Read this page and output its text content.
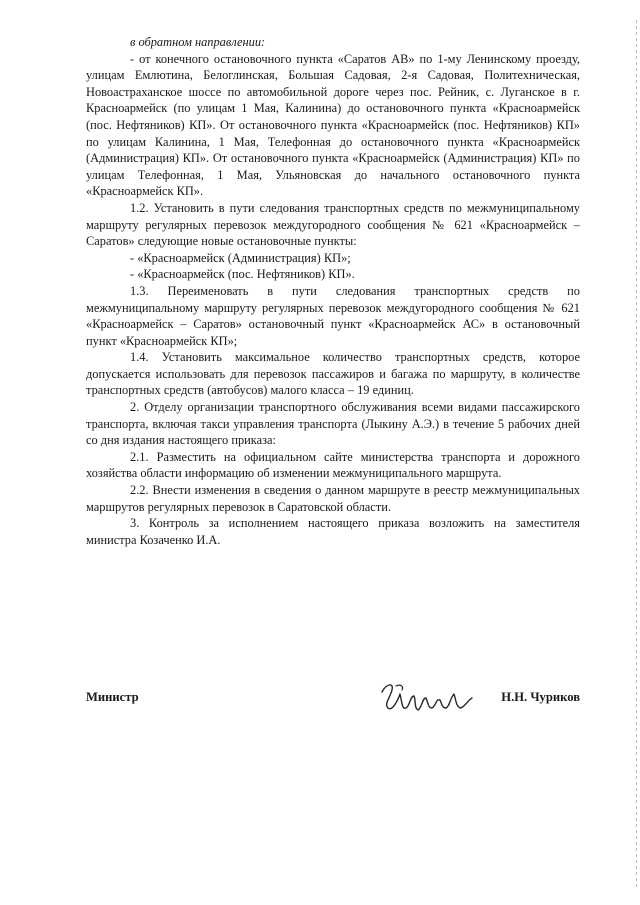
в обратном направлении:

- от конечного остановочного пункта «Саратов АВ» по 1-му Ленинскому проезду, улицам Емлютина, Белоглинская, Большая Садовая, 2-я Садовая, Политехническая, Новоастраханское шоссе по автомобильной дороге через пос. Рейник, с. Луганское в г. Красноармейск (по улицам 1 Мая, Калинина) до остановочного пункта «Красноармейск (пос. Нефтяников) КП». От остановочного пункта «Красноармейск (пос. Нефтяников) КП» по улицам Калинина, 1 Мая, Телефонная до остановочного пункта «Красноармейск (Администрация) КП». От остановочного пункта «Красноармейск (Администрация) КП» по улицам Телефонная, 1 Мая, Ульяновская до начального остановочного пункта «Красноармейск КП».

1.2. Установить в пути следования транспортных средств по межмуниципальному маршруту регулярных перевозок междугородного сообщения № 621 «Красноармейск – Саратов» следующие новые остановочные пункты:

- «Красноармейск (Администрация) КП»;

- «Красноармейск (пос. Нефтяников) КП».

1.3. Переименовать в пути следования транспортных средств по межмуниципальному маршруту регулярных перевозок междугородного сообщения № 621 «Красноармейск – Саратов» остановочный пункт «Красноармейск АС» в остановочный пункт «Красноармейск КП»;

1.4. Установить максимальное количество транспортных средств, которое допускается использовать для перевозок пассажиров и багажа по маршруту, в количестве транспортных средств (автобусов) малого класса – 19 единиц.

2. Отделу организации транспортного обслуживания всеми видами пассажирского транспорта, включая такси управления транспорта (Лыкину А.Э.) в течение 5 рабочих дней со дня издания настоящего приказа:

2.1. Разместить на официальном сайте министерства транспорта и дорожного хозяйства области информацию об изменении межмуниципального маршрута.

2.2. Внести изменения в сведения о данном маршруте в реестр межмуниципальных маршрутов регулярных перевозок в Саратовской области.

3. Контроль за исполнением настоящего приказа возложить на заместителя министра Козаченко И.А.

Министр	Н.Н. Чуриков
